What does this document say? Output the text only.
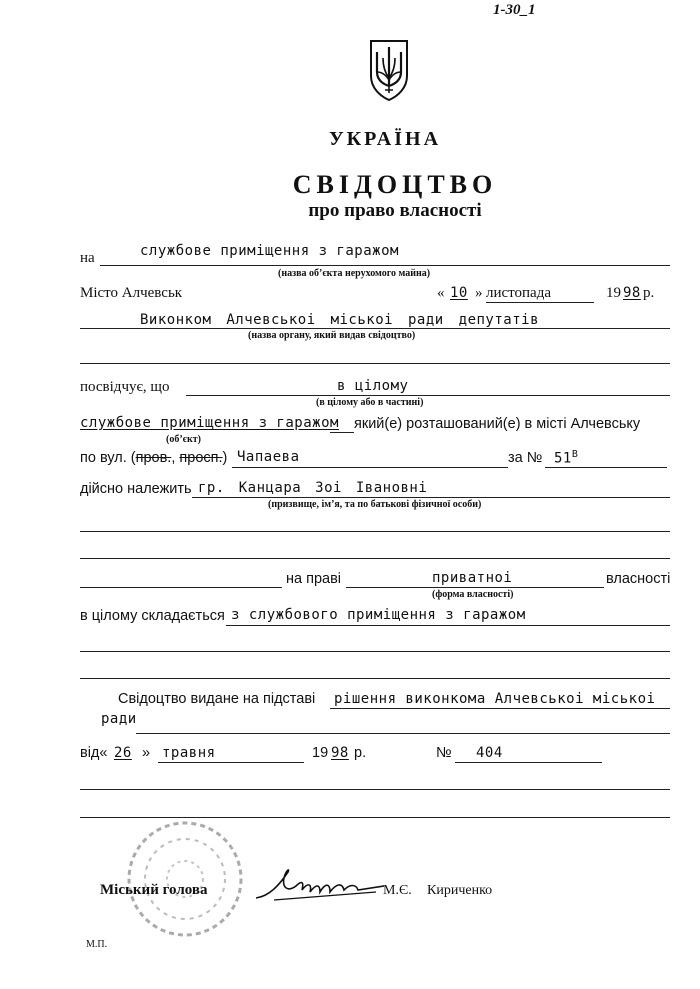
1-30_1
УКРАЇНА
СВІДОЦТВО
про право власності
на	службове приміщення з гаражом
(назва об’єкта нерухомого майна)
Місто Алчевськ	« 10 » листопада	19 98 р.
Виконком Алчевськоі міськоі ради депутатів
(назва органу, який видав свідоцтво)
посвідчує, що	в цілому
(в цілому або в частині)
службове приміщення з гаражом який(е) розташований(е) в місті Алчевську
(об’єкт)
по вул. (пров., просп.) Чапаева	за № $51^В$
дійсно належить гр. Канцара Зоі Івановні
(призвище, ім’я, та по батькові фізичної особи)
на праві	приватноі	власності
(форма власності)
в цілому складається з службового приміщення з гаражом
Свідоцтво видане на підставі рішення виконкома Алчевськоі міськоі
ради
від« 26 » травня	19 98 р.	№ 404
Міський голова	М.Є. Кириченко
М.П.
